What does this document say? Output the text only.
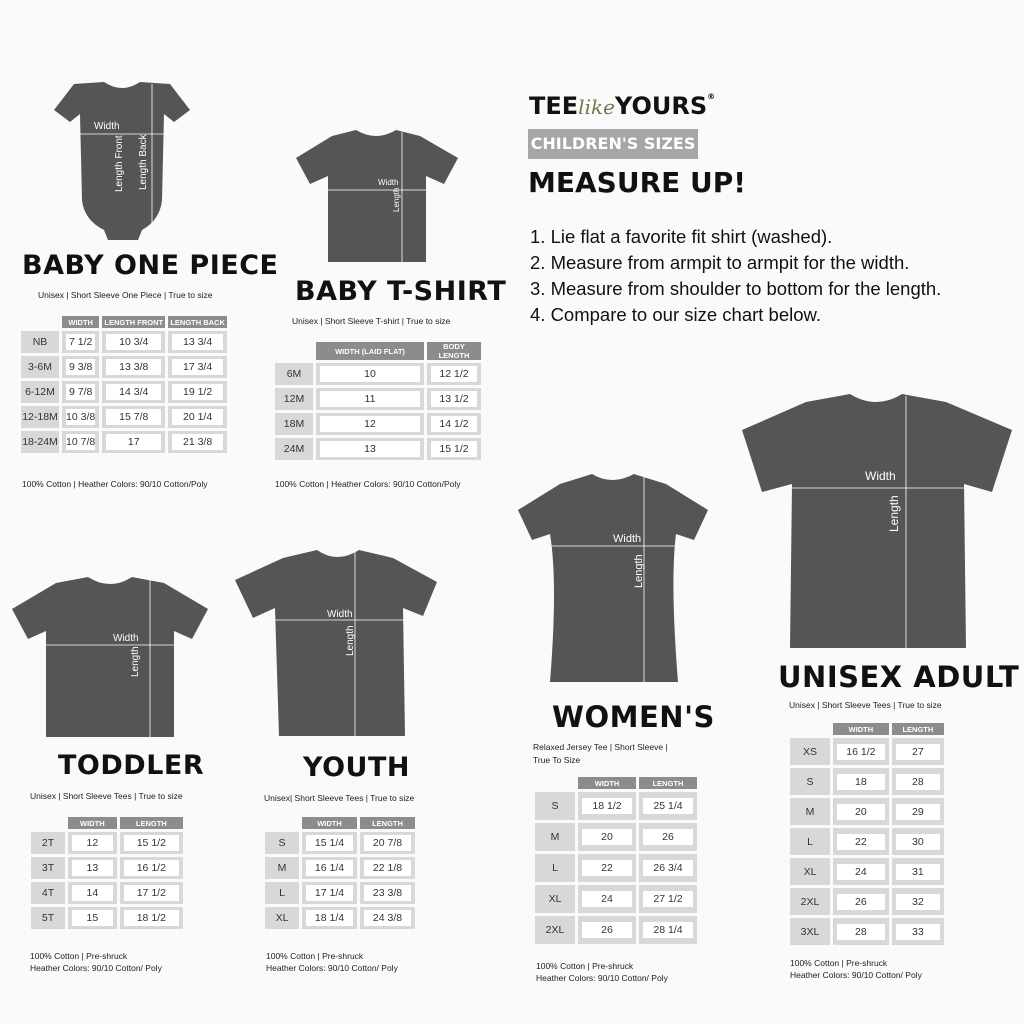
Width
Length Front Length Back	Width
Length
Width
Length
Width
Length
Width
Length
Width
Length
TEElikeYOURS®
CHILDREN'S SIZES
MEASURE UP!
1. Lie flat a favorite fit shirt (washed).
2. Measure from armpit to armpit for the width.
3. Measure from shoulder to bottom for the length.
4. Compare to our size chart below.
BABY ONE PIECE
Unisex | Short Sleeve One Piece | True to size
	WIDTH	LENGTH FRONT	LENGTH BACK
NB	7 1/2	10 3/4	13 3/4

3-6M	9 3/8	13 3/8	17 3/4

6-12M	9 7/8	14 3/4	19 1/2

12-18M	10 3/8	15 7/8	20 1/4

18-24M	10 7/8	17	21 3/8
100% Cotton | Heather Colors: 90/10 Cotton/Poly
BABY T-SHIRT
Unisex | Short Sleeve T-shirt | True to size
	WIDTH (LAID FLAT)	BODY LENGTH
6M	10	12 1/2

12M	11	13 1/2

18M	12	14 1/2

24M	13	15 1/2
100% Cotton | Heather Colors: 90/10 Cotton/Poly
TODDLER
Unisex | Short Sleeve Tees | True to size
	WIDTH	LENGTH
2T	12	15 1/2

3T	13	16 1/2

4T	14	17 1/2

5T	15	18 1/2
100% Cotton | Pre-shruck
Heather Colors: 90/10 Cotton/ Poly
YOUTH
Unisex| Short Sleeve Tees | True to size
	WIDTH	LENGTH
S	15 1/4	20 7/8

M	16 1/4	22 1/8

L	17 1/4	23 3/8

XL	18 1/4	24 3/8
100% Cotton | Pre-shruck
Heather Colors: 90/10 Cotton/ Poly
WOMEN'S
Relaxed Jersey Tee | Short Sleeve |
True To Size
	WIDTH	LENGTH
S	18 1/2	25 1/4

M	20	26

L	22	26 3/4

XL	24	27 1/2

2XL	26	28 1/4
100% Cotton | Pre-shruck
Heather Colors: 90/10 Cotton/ Poly
UNISEX ADULT
Unisex | Short Sleeve Tees | True to size
	WIDTH	LENGTH
XS	16 1/2	27

S	18	28

M	20	29

L	22	30

XL	24	31

2XL	26	32

3XL	28	33
100% Cotton | Pre-shruck
Heather Colors: 90/10 Cotton/ Poly
